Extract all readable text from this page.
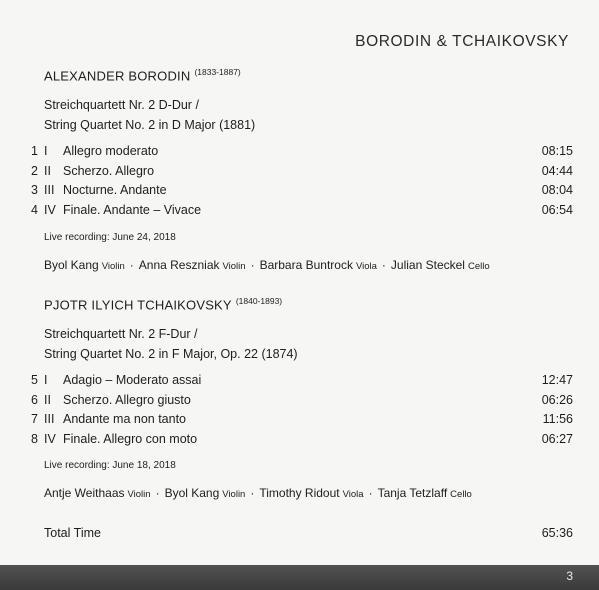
BORODIN & TCHAIKOVSKY
ALEXANDER BORODIN $^{(1833-1887)}$
Streichquartett Nr. 2 D-Dur /
String Quartet No. 2 in D Major (1881)
1 I Allegro moderato	08:15
2 II Scherzo. Allegro	04:44
3 III Nocturne. Andante	08:04
4 IV Finale. Andante – Vivace	06:54
Live recording: June 24, 2018
Byol Kang Violin · Anna Reszniak Violin · Barbara Buntrock Viola · Julian Steckel Cello
PJOTR ILYICH TCHAIKOVSKY $^{(1840-1893)}$
Streichquartett Nr. 2 F-Dur /
String Quartet No. 2 in F Major, Op. 22 (1874)
5 I Adagio – Moderato assai	12:47
6 II Scherzo. Allegro giusto	06:26
7 III Andante ma non tanto	11:56
8 IV Finale. Allegro con moto	06:27
Live recording: June 18, 2018
Antje Weithaas Violin · Byol Kang Violin · Timothy Ridout Viola · Tanja Tetzlaff Cello
Total Time	65:36
3
